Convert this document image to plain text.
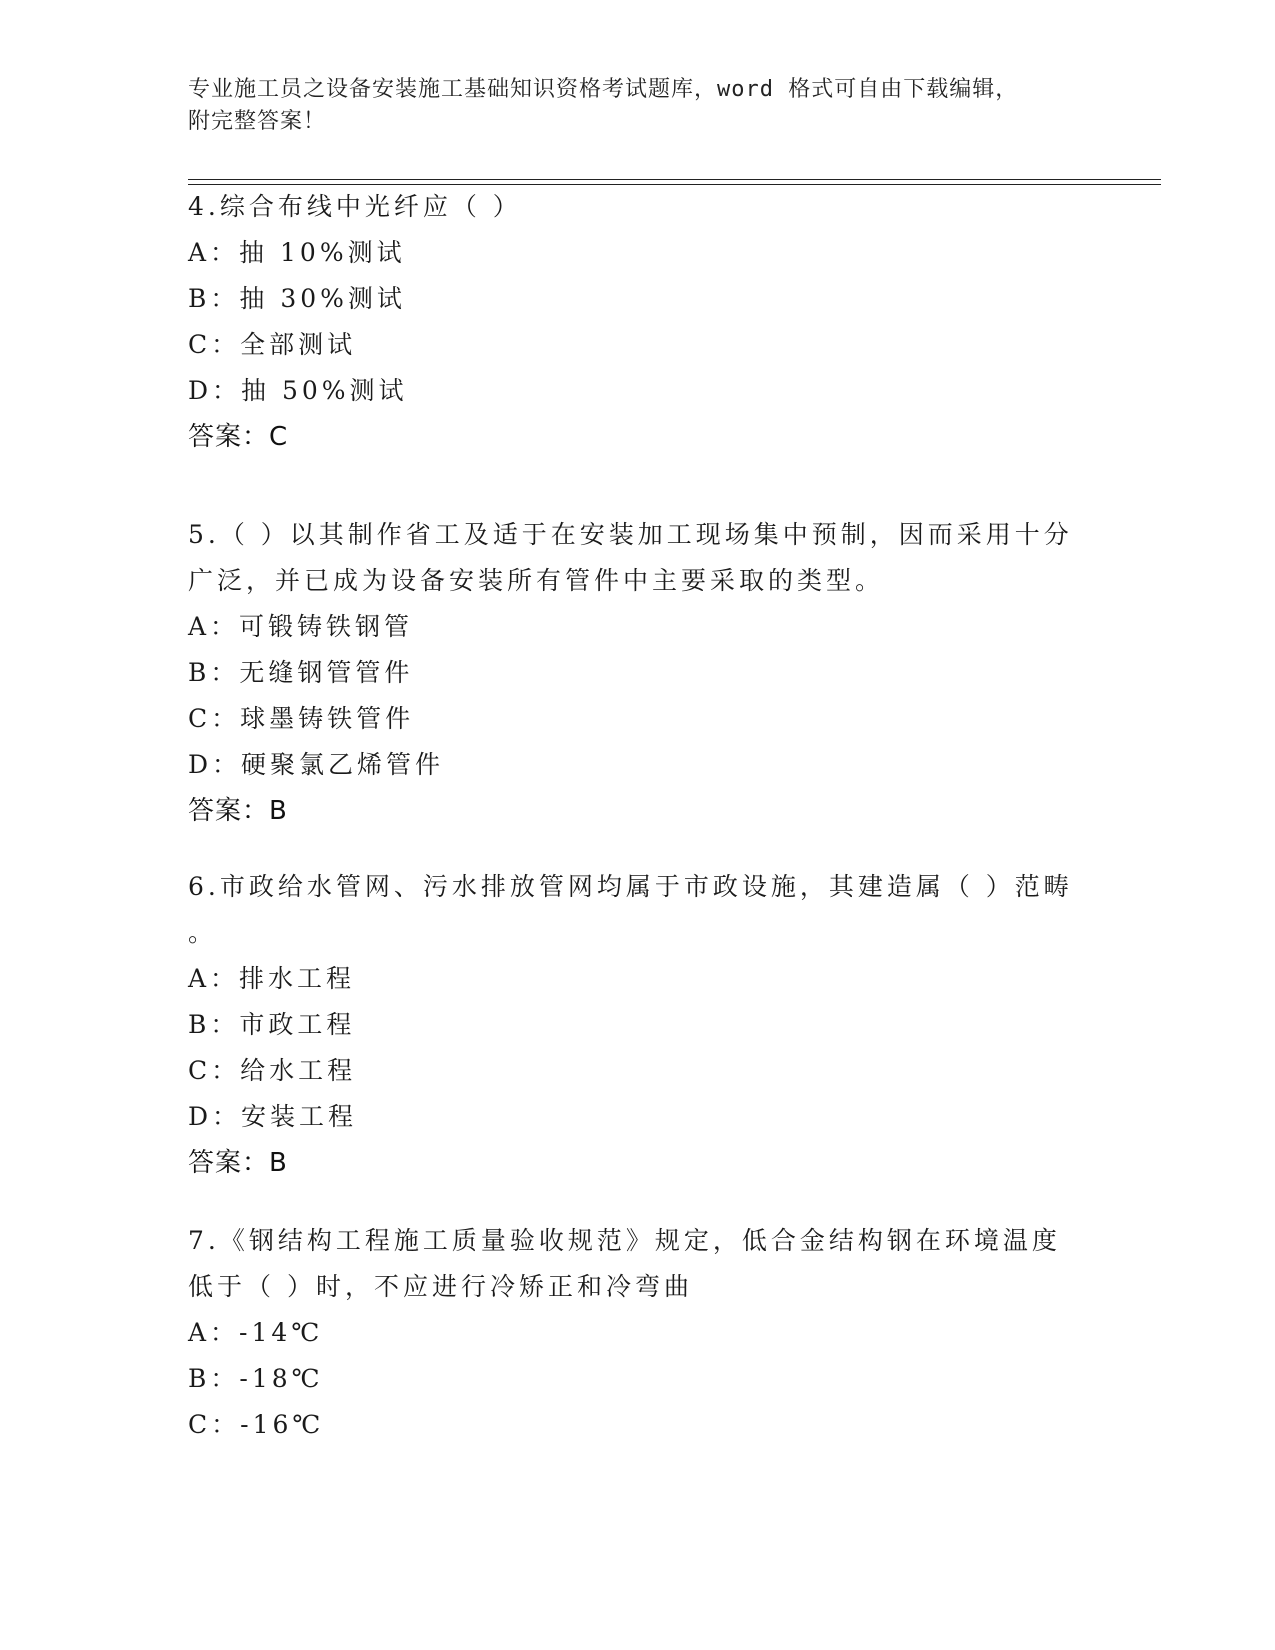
专业施工员之设备安装施工基础知识资格考试题库，word 格式可自由下载编辑，
附完整答案！
4.综合布线中光纤应（ ）
A：抽 10%测试
B：抽 30%测试
C：全部测试
D：抽 50%测试
答案：C
5.（ ）以其制作省工及适于在安装加工现场集中预制，因而采用十分
广泛，并已成为设备安装所有管件中主要采取的类型。
A：可锻铸铁钢管
B：无缝钢管管件
C：球墨铸铁管件
D：硬聚氯乙烯管件
答案：B
6.市政给水管网、污水排放管网均属于市政设施，其建造属（ ）范畴
。
A：排水工程
B：市政工程
C：给水工程
D：安装工程
答案：B
7.《钢结构工程施工质量验收规范》规定，低合金结构钢在环境温度
低于（ ）时，不应进行冷矫正和冷弯曲
A：-14℃
B：-18℃
C：-16℃
